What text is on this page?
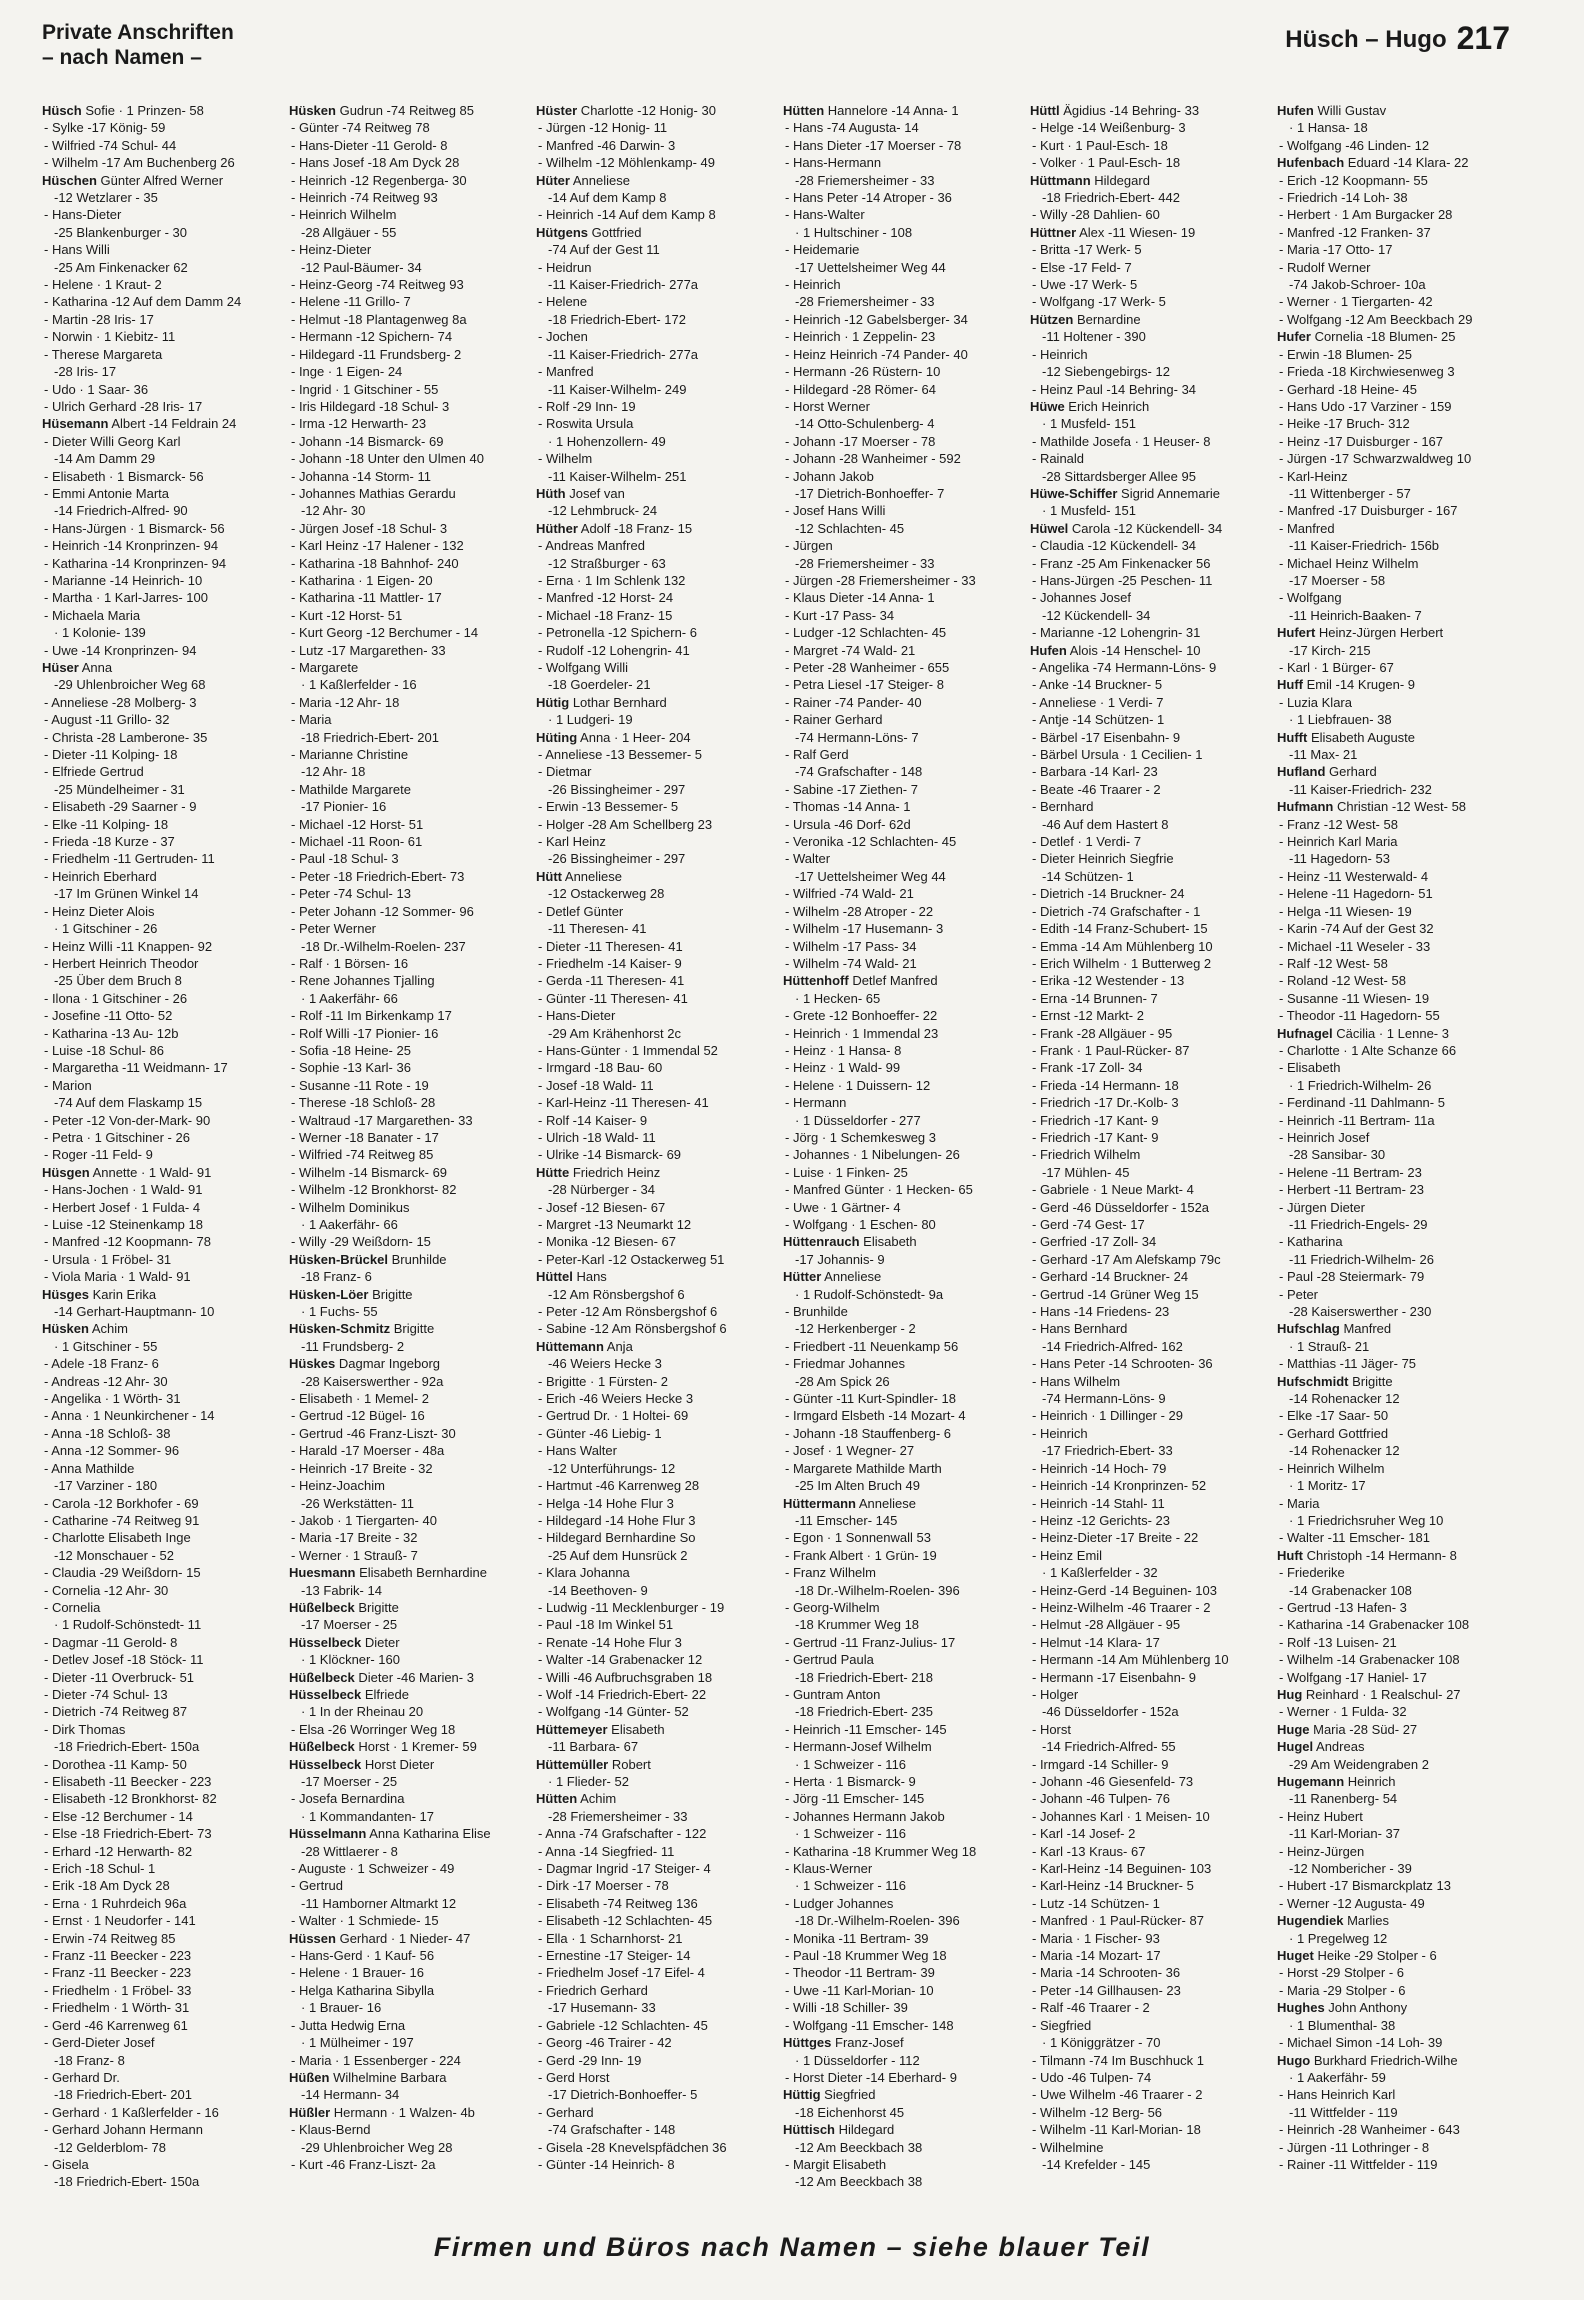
Private Anschriften
– nach Namen –
Hüsch – Hugo 217
Hüsch Sofie · 1 Prinzen- 58
- Sylke -17 König- 59
- Wilfried -74 Schul- 44
- Wilhelm -17 Am Buchenberg 26
Hüschen Günter Alfred Werner
-12 Wetzlarer - 35
- Hans-Dieter
-25 Blankenburger - 30
- Hans Willi
-25 Am Finkenacker 62
- Helene · 1 Kraut- 2
- Katharina -12 Auf dem Damm 24
- Martin -28 Iris- 17
- Norwin · 1 Kiebitz- 11
- Therese Margareta
-28 Iris- 17
- Udo · 1 Saar- 36
- Ulrich Gerhard -28 Iris- 17
Hüsemann Albert -14 Feldrain 24
- Dieter Willi Georg Karl
-14 Am Damm 29
- Elisabeth · 1 Bismarck- 56
- Emmi Antonie Marta
-14 Friedrich-Alfred- 90
- Hans-Jürgen · 1 Bismarck- 56
- Heinrich -14 Kronprinzen- 94
- Katharina -14 Kronprinzen- 94
- Marianne -14 Heinrich- 10
- Martha · 1 Karl-Jarres- 100
- Michaela Maria
· 1 Kolonie- 139
- Uwe -14 Kronprinzen- 94
Hüser Anna
-29 Uhlenbroicher Weg 68
- Anneliese -28 Molberg- 3
- August -11 Grillo- 32
- Christa -28 Lamberone- 35
- Dieter -11 Kolping- 18
- Elfriede Gertrud
-25 Mündelheimer - 31
- Elisabeth -29 Saarner - 9
- Elke -11 Kolping- 18
- Frieda -18 Kurze - 37
- Friedhelm -11 Gertruden- 11
- Heinrich Eberhard
-17 Im Grünen Winkel 14
- Heinz Dieter Alois
· 1 Gitschiner - 26
- Heinz Willi -11 Knappen- 92
- Herbert Heinrich Theodor
-25 Über dem Bruch 8
- Ilona · 1 Gitschiner - 26
- Josefine -11 Otto- 52
- Katharina -13 Au- 12b
- Luise -18 Schul- 86
- Margaretha -11 Weidmann- 17
- Marion
-74 Auf dem Flaskamp 15
- Peter -12 Von-der-Mark- 90
- Petra · 1 Gitschiner - 26
- Roger -11 Feld- 9
Hüsgen Annette · 1 Wald- 91
- Hans-Jochen · 1 Wald- 91
- Herbert Josef · 1 Fulda- 4
- Luise -12 Steinenkamp 18
- Manfred -12 Koopmann- 78
- Ursula · 1 Fröbel- 31
- Viola Maria · 1 Wald- 91
Hüsges Karin Erika
-14 Gerhart-Hauptmann- 10
Hüsken Achim
· 1 Gitschiner - 55
- Adele -18 Franz- 6
- Andreas -12 Ahr- 30
- Angelika · 1 Wörth- 31
- Anna · 1 Neunkirchener - 14
- Anna -18 Schloß- 38
- Anna -12 Sommer- 96
- Anna Mathilde
-17 Varziner - 180
- Carola -12 Borkhofer - 69
- Catharine -74 Reitweg 91
- Charlotte Elisabeth Inge
-12 Monschauer - 52
- Claudia -29 Weißdorn- 15
- Cornelia -12 Ahr- 30
- Cornelia
· 1 Rudolf-Schönstedt- 11
- Dagmar -11 Gerold- 8
- Detlev Josef -18 Stöck- 11
- Dieter -11 Overbruck- 51
- Dieter -74 Schul- 13
- Dietrich -74 Reitweg 87
- Dirk Thomas
-18 Friedrich-Ebert- 150a
- Dorothea -11 Kamp- 50
- Elisabeth -11 Beecker - 223
- Elisabeth -12 Bronkhorst- 82
- Else -12 Berchumer - 14
- Else -18 Friedrich-Ebert- 73
- Erhard -12 Herwarth- 82
- Erich -18 Schul- 1
- Erik -18 Am Dyck 28
- Erna · 1 Ruhrdeich 96a
- Ernst · 1 Neudorfer - 141
- Erwin -74 Reitweg 85
- Franz -11 Beecker - 223
- Franz -11 Beecker - 223
- Friedhelm · 1 Fröbel- 33
- Friedhelm · 1 Wörth- 31
- Gerd -46 Karrenweg 61
- Gerd-Dieter Josef
-18 Franz- 8
- Gerhard Dr.
-18 Friedrich-Ebert- 201
- Gerhard · 1 Kaßlerfelder - 16
- Gerhard Johann Hermann
-12 Gelderblom- 78
- Gisela
-18 Friedrich-Ebert- 150a
Hüsken Gudrun -74 Reitweg 85
- Günter -74 Reitweg 78
- Hans-Dieter -11 Gerold- 8
- Hans Josef -18 Am Dyck 28
- Heinrich -12 Regenberga- 30
- Heinrich -74 Reitweg 93
- Heinrich Wilhelm
-28 Allgäuer - 55
- Heinz-Dieter
-12 Paul-Bäumer- 34
- Heinz-Georg -74 Reitweg 93
- Helene -11 Grillo- 7
- Helmut -18 Plantagenweg 8a
- Hermann -12 Spichern- 74
- Hildegard -11 Frundsberg- 2
- Inge · 1 Eigen- 24
- Ingrid · 1 Gitschiner - 55
- Iris Hildegard -18 Schul- 3
- Irma -12 Herwarth- 23
- Johann -14 Bismarck- 69
- Johann -18 Unter den Ulmen 40
- Johanna -14 Storm- 11
- Johannes Mathias Gerardu
-12 Ahr- 30
- Jürgen Josef -18 Schul- 3
- Karl Heinz -17 Halener - 132
- Katharina -18 Bahnhof- 240
- Katharina · 1 Eigen- 20
- Katharina -11 Mattler- 17
- Kurt -12 Horst- 51
- Kurt Georg -12 Berchumer - 14
- Lutz -17 Margarethen- 33
- Margarete
· 1 Kaßlerfelder - 16
- Maria -12 Ahr- 18
- Maria
-18 Friedrich-Ebert- 201
- Marianne Christine
-12 Ahr- 18
- Mathilde Margarete
-17 Pionier- 16
- Michael -12 Horst- 51
- Michael -11 Roon- 61
- Paul -18 Schul- 3
- Peter -18 Friedrich-Ebert- 73
- Peter -74 Schul- 13
- Peter Johann -12 Sommer- 96
- Peter Werner
-18 Dr.-Wilhelm-Roelen- 237
- Ralf · 1 Börsen- 16
- Rene Johannes Tjalling
· 1 Aakerfähr- 66
- Rolf -11 Im Birkenkamp 17
- Rolf Willi -17 Pionier- 16
- Sofia -18 Heine- 25
- Sophie -13 Karl- 36
- Susanne -11 Rote - 19
- Therese -18 Schloß- 28
- Waltraud -17 Margarethen- 33
- Werner -18 Banater - 17
- Wilfried -74 Reitweg 85
- Wilhelm -14 Bismarck- 69
- Wilhelm -12 Bronkhorst- 82
- Wilhelm Dominikus
· 1 Aakerfähr- 66
- Willy -29 Weißdorn- 15
Hüsken-Brückel Brunhilde
-18 Franz- 6
Hüsken-Löer Brigitte
· 1 Fuchs- 55
Hüsken-Schmitz Brigitte
-11 Frundsberg- 2
Hüskes Dagmar Ingeborg
-28 Kaiserswerther - 92a
- Elisabeth · 1 Memel- 2
- Gertrud -12 Bügel- 16
- Gertrud -46 Franz-Liszt- 30
- Harald -17 Moerser - 48a
- Heinrich -17 Breite - 32
- Heinz-Joachim
-26 Werkstätten- 11
- Jakob · 1 Tiergarten- 40
- Maria -17 Breite - 32
- Werner · 1 Strauß- 7
Huesmann Elisabeth Bernhardine
-13 Fabrik- 14
Hüßelbeck Brigitte
-17 Moerser - 25
Hüsselbeck Dieter
· 1 Klöckner- 160
Hüßelbeck Dieter -46 Marien- 3
Hüsselbeck Elfriede
· 1 In der Rheinau 20
- Elsa -26 Worringer Weg 18
Hüßelbeck Horst · 1 Kremer- 59
Hüsselbeck Horst Dieter
-17 Moerser - 25
- Josefa Bernardina
· 1 Kommandanten- 17
Hüsselmann Anna Katharina Elise
-28 Wittlaerer - 8
- Auguste · 1 Schweizer - 49
- Gertrud
-11 Hamborner Altmarkt 12
- Walter · 1 Schmiede- 15
Hüssen Gerhard · 1 Nieder- 47
- Hans-Gerd · 1 Kauf- 56
- Helene · 1 Brauer- 16
- Helga Katharina Sibylla
· 1 Brauer- 16
- Jutta Hedwig Erna
· 1 Mülheimer - 197
- Maria · 1 Essenberger - 224
Hüßen Wilhelmine Barbara
-14 Hermann- 34
Hüßler Hermann · 1 Walzen- 4b
- Klaus-Bernd
-29 Uhlenbroicher Weg 28
- Kurt -46 Franz-Liszt- 2a
Hüster Charlotte -12 Honig- 30
- Jürgen -12 Honig- 11
- Manfred -46 Darwin- 3
- Wilhelm -12 Möhlenkamp- 49
Hüter Anneliese
-14 Auf dem Kamp 8
- Heinrich -14 Auf dem Kamp 8
Hütgens Gottfried
-74 Auf der Gest 11
- Heidrun
-11 Kaiser-Friedrich- 277a
- Helene
-18 Friedrich-Ebert- 172
- Jochen
-11 Kaiser-Friedrich- 277a
- Manfred
-11 Kaiser-Wilhelm- 249
- Rolf -29 Inn- 19
- Roswita Ursula
· 1 Hohenzollern- 49
- Wilhelm
-11 Kaiser-Wilhelm- 251
Hüth Josef van
-12 Lehmbruck- 24
Hüther Adolf -18 Franz- 15
- Andreas Manfred
-12 Straßburger - 63
- Erna · 1 Im Schlenk 132
- Manfred -12 Horst- 24
- Michael -18 Franz- 15
- Petronella -12 Spichern- 6
- Rudolf -12 Lohengrin- 41
- Wolfgang Willi
-18 Goerdeler- 21
Hütig Lothar Bernhard
· 1 Ludgeri- 19
Hüting Anna · 1 Heer- 204
- Anneliese -13 Bessemer- 5
- Dietmar
-26 Bissingheimer - 297
- Erwin -13 Bessemer- 5
- Holger -28 Am Schellberg 23
- Karl Heinz
-26 Bissingheimer - 297
Hütt Anneliese
-12 Ostackerweg 28
- Detlef Günter
-11 Theresen- 41
- Dieter -11 Theresen- 41
- Friedhelm -14 Kaiser- 9
- Gerda -11 Theresen- 41
- Günter -11 Theresen- 41
- Hans-Dieter
-29 Am Krähenhorst 2c
- Hans-Günter · 1 Immendal 52
- Irmgard -18 Bau- 60
- Josef -18 Wald- 11
- Karl-Heinz -11 Theresen- 41
- Rolf -14 Kaiser- 9
- Ulrich -18 Wald- 11
- Ulrike -14 Bismarck- 69
Hütte Friedrich Heinz
-28 Nürberger - 34
- Josef -12 Biesen- 67
- Margret -13 Neumarkt 12
- Monika -12 Biesen- 67
- Peter-Karl -12 Ostackerweg 51
Hüttel Hans
-12 Am Rönsbergshof 6
- Peter -12 Am Rönsbergshof 6
- Sabine -12 Am Rönsbergshof 6
Hüttemann Anja
-46 Weiers Hecke 3
- Brigitte · 1 Fürsten- 2
- Erich -46 Weiers Hecke 3
- Gertrud Dr. · 1 Holtei- 69
- Günter -46 Liebig- 1
- Hans Walter
-12 Unterführungs- 12
- Hartmut -46 Karrenweg 28
- Helga -14 Hohe Flur 3
- Hildegard -14 Hohe Flur 3
- Hildegard Bernhardine So
-25 Auf dem Hunsrück 2
- Klara Johanna
-14 Beethoven- 9
- Ludwig -11 Mecklenburger - 19
- Paul -18 Im Winkel 51
- Renate -14 Hohe Flur 3
- Walter -14 Grabenacker 12
- Willi -46 Aufbruchsgraben 18
- Wolf -14 Friedrich-Ebert- 22
- Wolfgang -14 Günter- 52
Hüttemeyer Elisabeth
-11 Barbara- 67
Hüttemüller Robert
· 1 Flieder- 52
Hütten Achim
-28 Friemersheimer - 33
- Anna -74 Grafschafter - 122
- Anna -14 Siegfried- 11
- Dagmar Ingrid -17 Steiger- 4
- Dirk -17 Moerser - 78
- Elisabeth -74 Reitweg 136
- Elisabeth -12 Schlachten- 45
- Ella · 1 Scharnhorst- 21
- Ernestine -17 Steiger- 14
- Friedhelm Josef -17 Eifel- 4
- Friedrich Gerhard
-17 Husemann- 33
- Gabriele -12 Schlachten- 45
- Georg -46 Trairer - 42
- Gerd -29 Inn- 19
- Gerd Horst
-17 Dietrich-Bonhoeffer- 5
- Gerhard
-74 Grafschafter - 148
- Gisela -28 Knevelspfädchen 36
- Günter -14 Heinrich- 8
Hütten Hannelore -14 Anna- 1
- Hans -74 Augusta- 14
- Hans Dieter -17 Moerser - 78
- Hans-Hermann
-28 Friemersheimer - 33
- Hans Peter -14 Atroper - 36
- Hans-Walter
· 1 Hultschiner - 108
- Heidemarie
-17 Uettelsheimer Weg 44
- Heinrich
-28 Friemersheimer - 33
- Heinrich -12 Gabelsberger- 34
- Heinrich · 1 Zeppelin- 23
- Heinz Heinrich -74 Pander- 40
- Hermann -26 Rüstern- 10
- Hildegard -28 Römer- 64
- Horst Werner
-14 Otto-Schulenberg- 4
- Johann -17 Moerser - 78
- Johann -28 Wanheimer - 592
- Johann Jakob
-17 Dietrich-Bonhoeffer- 7
- Josef Hans Willi
-12 Schlachten- 45
- Jürgen
-28 Friemersheimer - 33
- Jürgen -28 Friemersheimer - 33
- Klaus Dieter -14 Anna- 1
- Kurt -17 Pass- 34
- Ludger -12 Schlachten- 45
- Margret -74 Wald- 21
- Peter -28 Wanheimer - 655
- Petra Liesel -17 Steiger- 8
- Rainer -74 Pander- 40
- Rainer Gerhard
-74 Hermann-Löns- 7
- Ralf Gerd
-74 Grafschafter - 148
- Sabine -17 Ziethen- 7
- Thomas -14 Anna- 1
- Ursula -46 Dorf- 62d
- Veronika -12 Schlachten- 45
- Walter
-17 Uettelsheimer Weg 44
- Wilfried -74 Wald- 21
- Wilhelm -28 Atroper - 22
- Wilhelm -17 Husemann- 3
- Wilhelm -17 Pass- 34
- Wilhelm -74 Wald- 21
Hüttenhoff Detlef Manfred
· 1 Hecken- 65
- Grete -12 Bonhoeffer- 22
- Heinrich · 1 Immendal 23
- Heinz · 1 Hansa- 8
- Heinz · 1 Wald- 99
- Helene · 1 Duissern- 12
- Hermann
· 1 Düsseldorfer - 277
- Jörg · 1 Schemkesweg 3
- Johannes · 1 Nibelungen- 26
- Luise · 1 Finken- 25
- Manfred Günter · 1 Hecken- 65
- Uwe · 1 Gärtner- 4
- Wolfgang · 1 Eschen- 80
Hüttenrauch Elisabeth
-17 Johannis- 9
Hütter Anneliese
· 1 Rudolf-Schönstedt- 9a
- Brunhilde
-12 Herkenberger - 2
- Friedbert -11 Neuenkamp 56
- Friedmar Johannes
-28 Am Spick 26
- Günter -11 Kurt-Spindler- 18
- Irmgard Elsbeth -14 Mozart- 4
- Johann -18 Stauffenberg- 6
- Josef · 1 Wegner- 27
- Margarete Mathilde Marth
-25 Im Alten Bruch 49
Hüttermann Anneliese
-11 Emscher- 145
- Egon · 1 Sonnenwall 53
- Frank Albert · 1 Grün- 19
- Franz Wilhelm
-18 Dr.-Wilhelm-Roelen- 396
- Georg-Wilhelm
-18 Krummer Weg 18
- Gertrud -11 Franz-Julius- 17
- Gertrud Paula
-18 Friedrich-Ebert- 218
- Guntram Anton
-18 Friedrich-Ebert- 235
- Heinrich -11 Emscher- 145
- Hermann-Josef Wilhelm
· 1 Schweizer - 116
- Herta · 1 Bismarck- 9
- Jörg -11 Emscher- 145
- Johannes Hermann Jakob
· 1 Schweizer - 116
- Katharina -18 Krummer Weg 18
- Klaus-Werner
· 1 Schweizer - 116
- Ludger Johannes
-18 Dr.-Wilhelm-Roelen- 396
- Monika -11 Bertram- 39
- Paul -18 Krummer Weg 18
- Theodor -11 Bertram- 39
- Uwe -11 Karl-Morian- 10
- Willi -18 Schiller- 39
- Wolfgang -11 Emscher- 148
Hüttges Franz-Josef
· 1 Düsseldorfer - 112
- Horst Dieter -14 Eberhard- 9
Hüttig Siegfried
-18 Eichenhorst 45
Hüttisch Hildegard
-12 Am Beeckbach 38
- Margit Elisabeth
-12 Am Beeckbach 38
Hüttl Ägidius -14 Behring- 33
- Helge -14 Weißenburg- 3
- Kurt · 1 Paul-Esch- 18
- Volker · 1 Paul-Esch- 18
Hüttmann Hildegard
-18 Friedrich-Ebert- 442
- Willy -28 Dahlien- 60
Hüttner Alex -11 Wiesen- 19
- Britta -17 Werk- 5
- Else -17 Feld- 7
- Uwe -17 Werk- 5
- Wolfgang -17 Werk- 5
Hützen Bernardine
-11 Holtener - 390
- Heinrich
-12 Siebengebirgs- 12
- Heinz Paul -14 Behring- 34
Hüwe Erich Heinrich
· 1 Musfeld- 151
- Mathilde Josefa · 1 Heuser- 8
- Rainald
-28 Sittardsberger Allee 95
Hüwe-Schiffer Sigrid Annemarie
· 1 Musfeld- 151
Hüwel Carola -12 Kückendell- 34
- Claudia -12 Kückendell- 34
- Franz -25 Am Finkenacker 56
- Hans-Jürgen -25 Peschen- 11
- Johannes Josef
-12 Kückendell- 34
- Marianne -12 Lohengrin- 31
Hufen Alois -14 Henschel- 10
- Angelika -74 Hermann-Löns- 9
- Anke -14 Bruckner- 5
- Anneliese · 1 Verdi- 7
- Antje -14 Schützen- 1
- Bärbel -17 Eisenbahn- 9
- Bärbel Ursula · 1 Cecilien- 1
- Barbara -14 Karl- 23
- Beate -46 Traarer - 2
- Bernhard
-46 Auf dem Hastert 8
- Detlef · 1 Verdi- 7
- Dieter Heinrich Siegfrie
-14 Schützen- 1
- Dietrich -14 Bruckner- 24
- Dietrich -74 Grafschafter - 1
- Edith -14 Franz-Schubert- 15
- Emma -14 Am Mühlenberg 10
- Erich Wilhelm · 1 Butterweg 2
- Erika -12 Westender - 13
- Erna -14 Brunnen- 7
- Ernst -12 Markt- 2
- Frank -28 Allgäuer - 95
- Frank · 1 Paul-Rücker- 87
- Frank -17 Zoll- 34
- Frieda -14 Hermann- 18
- Friedrich -17 Dr.-Kolb- 3
- Friedrich -17 Kant- 9
- Friedrich -17 Kant- 9
- Friedrich Wilhelm
-17 Mühlen- 45
- Gabriele · 1 Neue Markt- 4
- Gerd -46 Düsseldorfer - 152a
- Gerd -74 Gest- 17
- Gerfried -17 Zoll- 34
- Gerhard -17 Am Alefskamp 79c
- Gerhard -14 Bruckner- 24
- Gertrud -14 Grüner Weg 15
- Hans -14 Friedens- 23
- Hans Bernhard
-14 Friedrich-Alfred- 162
- Hans Peter -14 Schrooten- 36
- Hans Wilhelm
-74 Hermann-Löns- 9
- Heinrich · 1 Dillinger - 29
- Heinrich
-17 Friedrich-Ebert- 33
- Heinrich -14 Hoch- 79
- Heinrich -14 Kronprinzen- 52
- Heinrich -14 Stahl- 11
- Heinz -12 Gerichts- 23
- Heinz-Dieter -17 Breite - 22
- Heinz Emil
· 1 Kaßlerfelder - 32
- Heinz-Gerd -14 Beguinen- 103
- Heinz-Wilhelm -46 Traarer - 2
- Helmut -28 Allgäuer - 95
- Helmut -14 Klara- 17
- Hermann -14 Am Mühlenberg 10
- Hermann -17 Eisenbahn- 9
- Holger
-46 Düsseldorfer - 152a
- Horst
-14 Friedrich-Alfred- 55
- Irmgard -14 Schiller- 9
- Johann -46 Giesenfeld- 73
- Johann -46 Tulpen- 76
- Johannes Karl · 1 Meisen- 10
- Karl -14 Josef- 2
- Karl -13 Kraus- 67
- Karl-Heinz -14 Beguinen- 103
- Karl-Heinz -14 Bruckner- 5
- Lutz -14 Schützen- 1
- Manfred · 1 Paul-Rücker- 87
- Maria · 1 Fischer- 93
- Maria -14 Mozart- 17
- Maria -14 Schrooten- 36
- Peter -14 Gillhausen- 23
- Ralf -46 Traarer - 2
- Siegfried
· 1 Königgrätzer - 70
- Tilmann -74 Im Buschhuck 1
- Udo -46 Tulpen- 74
- Uwe Wilhelm -46 Traarer - 2
- Wilhelm -12 Berg- 56
- Wilhelm -11 Karl-Morian- 18
- Wilhelmine
-14 Krefelder - 145
Hufen Willi Gustav
· 1 Hansa- 18
- Wolfgang -46 Linden- 12
Hufenbach Eduard -14 Klara- 22
- Erich -12 Koopmann- 55
- Friedrich -14 Loh- 38
- Herbert · 1 Am Burgacker 28
- Manfred -12 Franken- 37
- Maria -17 Otto- 17
- Rudolf Werner
-74 Jakob-Schroer- 10a
- Werner · 1 Tiergarten- 42
- Wolfgang -12 Am Beeckbach 29
Hufer Cornelia -18 Blumen- 25
- Erwin -18 Blumen- 25
- Frieda -18 Kirchwiesenweg 3
- Gerhard -18 Heine- 45
- Hans Udo -17 Varziner - 159
- Heike -17 Bruch- 312
- Heinz -17 Duisburger - 167
- Jürgen -17 Schwarzwaldweg 10
- Karl-Heinz
-11 Wittenberger - 57
- Manfred -17 Duisburger - 167
- Manfred
-11 Kaiser-Friedrich- 156b
- Michael Heinz Wilhelm
-17 Moerser - 58
- Wolfgang
-11 Heinrich-Baaken- 7
Hufert Heinz-Jürgen Herbert
-17 Kirch- 215
- Karl · 1 Bürger- 67
Huff Emil -14 Krugen- 9
- Luzia Klara
· 1 Liebfrauen- 38
Hufft Elisabeth Auguste
-11 Max- 21
Hufland Gerhard
-11 Kaiser-Friedrich- 232
Hufmann Christian -12 West- 58
- Franz -12 West- 58
- Heinrich Karl Maria
-11 Hagedorn- 53
- Heinz -11 Westerwald- 4
- Helene -11 Hagedorn- 51
- Helga -11 Wiesen- 19
- Karin -74 Auf der Gest 32
- Michael -11 Weseler - 33
- Ralf -12 West- 58
- Roland -12 West- 58
- Susanne -11 Wiesen- 19
- Theodor -11 Hagedorn- 55
Hufnagel Cäcilia · 1 Lenne- 3
- Charlotte · 1 Alte Schanze 66
- Elisabeth
· 1 Friedrich-Wilhelm- 26
- Ferdinand -11 Dahlmann- 5
- Heinrich -11 Bertram- 11a
- Heinrich Josef
-28 Sansibar- 30
- Helene -11 Bertram- 23
- Herbert -11 Bertram- 23
- Jürgen Dieter
-11 Friedrich-Engels- 29
- Katharina
-11 Friedrich-Wilhelm- 26
- Paul -28 Steiermark- 79
- Peter
-28 Kaiserswerther - 230
Hufschlag Manfred
· 1 Strauß- 21
- Matthias -11 Jäger- 75
Hufschmidt Brigitte
-14 Rohenacker 12
- Elke -17 Saar- 50
- Gerhard Gottfried
-14 Rohenacker 12
- Heinrich Wilhelm
· 1 Moritz- 17
- Maria
· 1 Friedrichsruher Weg 10
- Walter -11 Emscher- 181
Huft Christoph -14 Hermann- 8
- Friederike
-14 Grabenacker 108
- Gertrud -13 Hafen- 3
- Katharina -14 Grabenacker 108
- Rolf -13 Luisen- 21
- Wilhelm -14 Grabenacker 108
- Wolfgang -17 Haniel- 17
Hug Reinhard · 1 Realschul- 27
- Werner · 1 Fulda- 32
Huge Maria -28 Süd- 27
Hugel Andreas
-29 Am Weidengraben 2
Hugemann Heinrich
-11 Ranenberg- 54
- Heinz Hubert
-11 Karl-Morian- 37
- Heinz-Jürgen
-12 Nombericher - 39
- Hubert -17 Bismarckplatz 13
- Werner -12 Augusta- 49
Hugendiek Marlies
· 1 Pregelweg 12
Huget Heike -29 Stolper - 6
- Horst -29 Stolper - 6
- Maria -29 Stolper - 6
Hughes John Anthony
· 1 Blumenthal- 38
- Michael Simon -14 Loh- 39
Hugo Burkhard Friedrich-Wilhe
· 1 Aakerfähr- 59
- Hans Heinrich Karl
-11 Wittfelder - 119
- Heinrich -28 Wanheimer - 643
- Jürgen -11 Lothringer - 8
- Rainer -11 Wittfelder - 119
Firmen und Büros nach Namen – siehe blauer Teil
